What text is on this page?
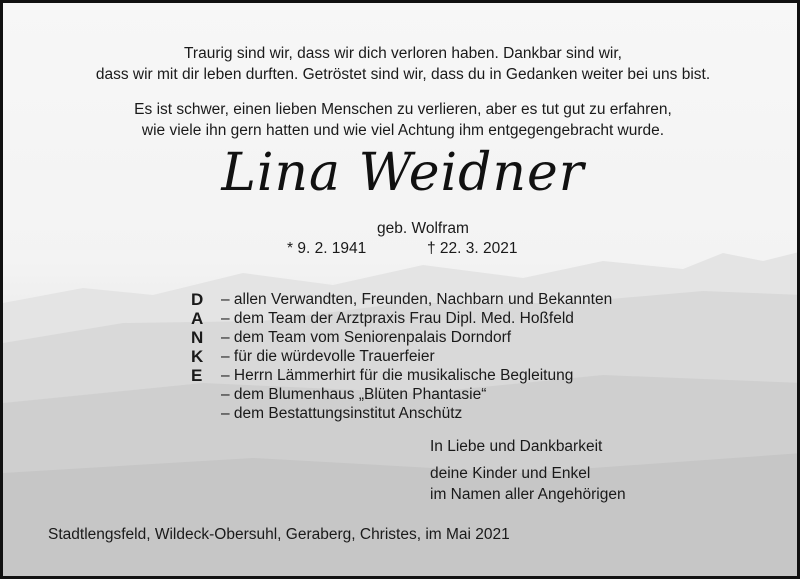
Traurig sind wir, dass wir dich verloren haben. Dankbar sind wir,
dass wir mit dir leben durften. Getröstet sind wir, dass du in Gedanken weiter bei uns bist.

Es ist schwer, einen lieben Menschen zu verlieren, aber es tut gut zu erfahren,
wie viele ihn gern hatten und wie viel Achtung ihm entgegengebracht wurde.

Lina Weidner
geb. Wolfram
* 9. 2. 1941	† 22. 3. 2021
D	– allen Verwandten, Freunden, Nachbarn und Bekannten
A	– dem Team der Arztpraxis Frau Dipl. Med. Hoßfeld
N	– dem Team vom Seniorenpalais Dorndorf
K	– für die würdevolle Trauerfeier
E	– Herrn Lämmerhirt für die musikalische Begleitung
– dem Blumenhaus „Blüten Phantasie“
– dem Bestattungsinstitut Anschütz
In Liebe und Dankbarkeit
deine Kinder und Enkel
im Namen aller Angehörigen
Stadtlengsfeld, Wildeck-Obersuhl, Geraberg, Christes, im Mai 2021
